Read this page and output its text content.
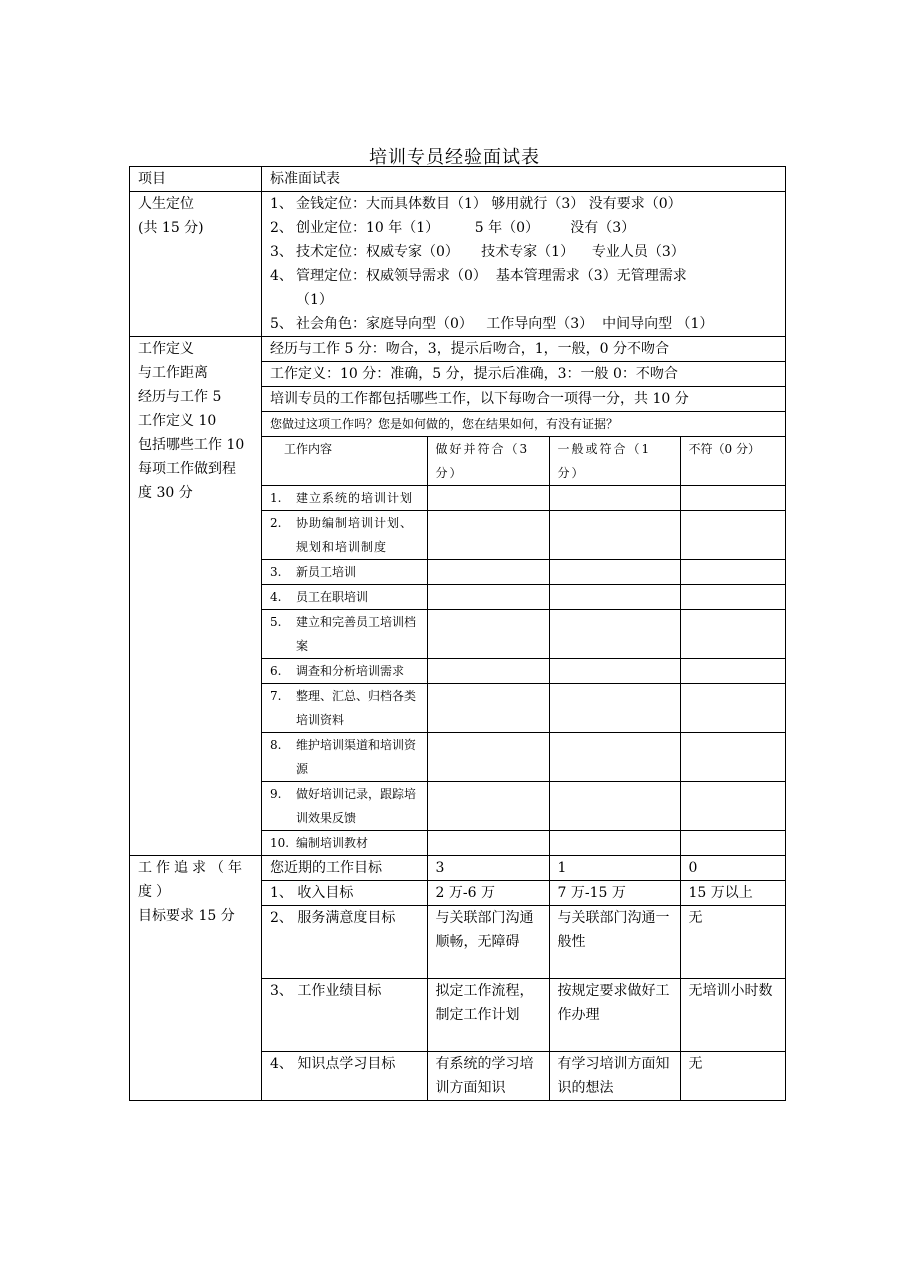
培训专员经验面试表
项目	标准面试表

人生定位
(共 15 分)

1、 金钱定位：大而具体数目（1） 够用就行（3） 没有要求（0）
2、 创业定位：10 年（1）        5 年（0）       没有（3）
3、 技术定位：权威专家（0）     技术专家（1）    专业人员（3）
4、 管理定位：权威领导需求（0）  基本管理需求（3）无管理需求
（1）
5、 社会角色：家庭导向型（0）   工作导向型（3）  中间导向型 （1）

工作定义
与工作距离
经历与工作 5
工作定义 10
包括哪些工作 10
每项工作做到程
度 30 分

经历与工作 5 分：吻合，3，提示后吻合，1，一般，0 分不吻合
工作定义：10 分：准确，5 分，提示后准确，3：一般 0：不吻合
培训专员的工作都包括哪些工作，以下每吻合一项得一分，共 10 分
您做过这项工作吗？您是如何做的，您在结果如何，有没有证据？
工作内容	做好并符合（3 分）	一般或符合（1 分）	不符（0 分）

1.	建立系统的培训计划

2.	协助编制培训计划、规划和培训制度

3.	新员工培训

4.	员工在职培训

5.	建立和完善员工培训档案

6.	调查和分析培训需求

7.	整理、汇总、归档各类培训资料

8.	维护培训渠道和培训资源

9.	做好培训记录，跟踪培训效果反馈

10. 编制培训教材

工作追求（年度）
目标要求 15 分

您近期的工作目标	3	1	0
1、 收入目标	2 万-6 万	7 万-15 万	15 万以上
2、 服务满意度目标	与关联部门沟通顺畅，无障碍	与关联部门沟通一般性	无
3、 工作业绩目标	拟定工作流程，制定工作计划	按规定要求做好工作办理	无培训小时数
4、 知识点学习目标	有系统的学习培训方面知识	有学习培训方面知识的想法	无
